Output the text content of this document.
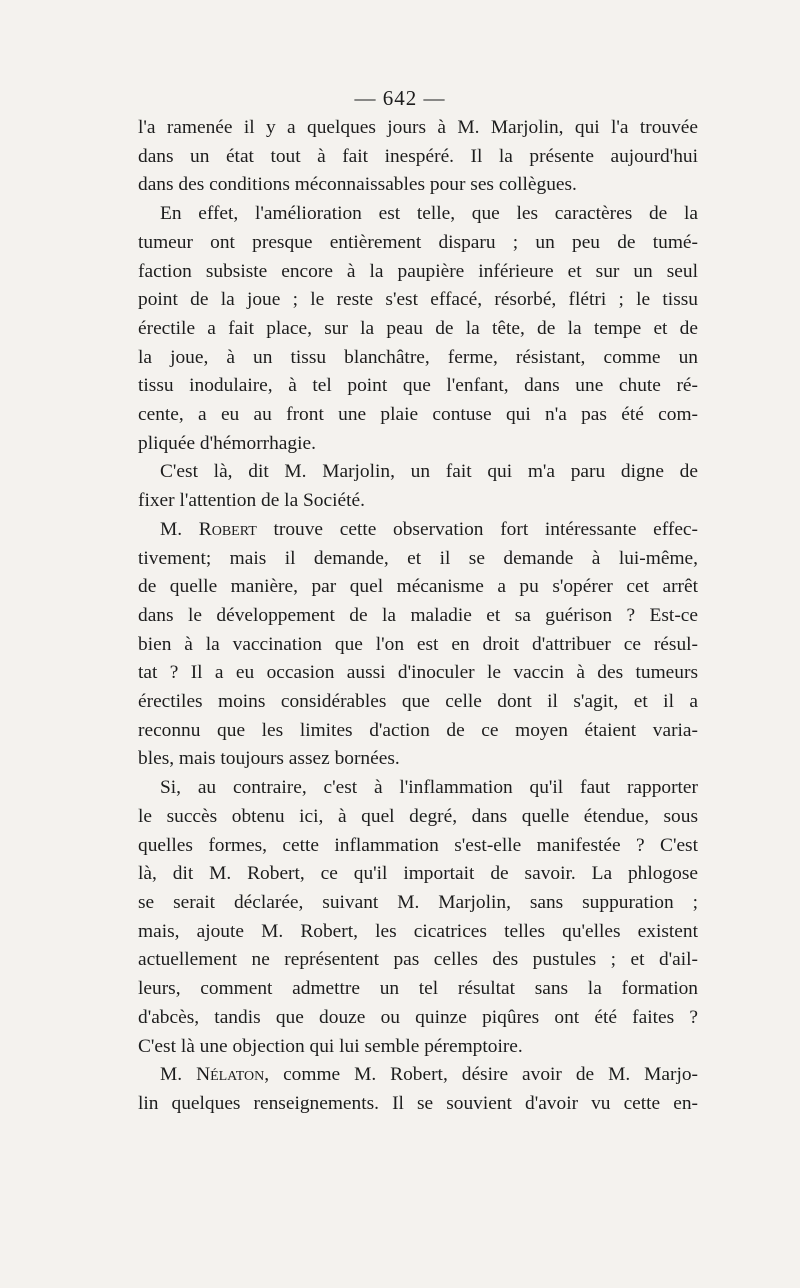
— 642 —

l'a ramenée il y a quelques jours à M. Marjolin, qui l'a trouvée

dans un état tout à fait inespéré. Il la présente aujourd'hui

dans des conditions méconnaissables pour ses collègues.

En effet, l'amélioration est telle, que les caractères de la

tumeur ont presque entièrement disparu ; un peu de tumé-

faction subsiste encore à la paupière inférieure et sur un seul

point de la joue ; le reste s'est effacé, résorbé, flétri ; le tissu

érectile a fait place, sur la peau de la tête, de la tempe et de

la joue, à un tissu blanchâtre, ferme, résistant, comme un

tissu inodulaire, à tel point que l'enfant, dans une chute ré-

cente, a eu au front une plaie contuse qui n'a pas été com-

pliquée d'hémorrhagie.

C'est là, dit M. Marjolin, un fait qui m'a paru digne de

fixer l'attention de la Société.

M. Robert trouve cette observation fort intéressante effec-

tivement; mais il demande, et il se demande à lui-même,

de quelle manière, par quel mécanisme a pu s'opérer cet arrêt

dans le développement de la maladie et sa guérison ? Est-ce

bien à la vaccination que l'on est en droit d'attribuer ce résul-

tat ? Il a eu occasion aussi d'inoculer le vaccin à des tumeurs

érectiles moins considérables que celle dont il s'agit, et il a

reconnu que les limites d'action de ce moyen étaient varia-

bles, mais toujours assez bornées.

Si, au contraire, c'est à l'inflammation qu'il faut rapporter

le succès obtenu ici, à quel degré, dans quelle étendue, sous

quelles formes, cette inflammation s'est-elle manifestée ? C'est

là, dit M. Robert, ce qu'il importait de savoir. La phlogose

se serait déclarée, suivant M. Marjolin, sans suppuration ;

mais, ajoute M. Robert, les cicatrices telles qu'elles existent

actuellement ne représentent pas celles des pustules ; et d'ail-

leurs, comment admettre un tel résultat sans la formation

d'abcès, tandis que douze ou quinze piqûres ont été faites ?

C'est là une objection qui lui semble péremptoire.

M. Nélaton, comme M. Robert, désire avoir de M. Marjo-

lin quelques renseignements. Il se souvient d'avoir vu cette en-
